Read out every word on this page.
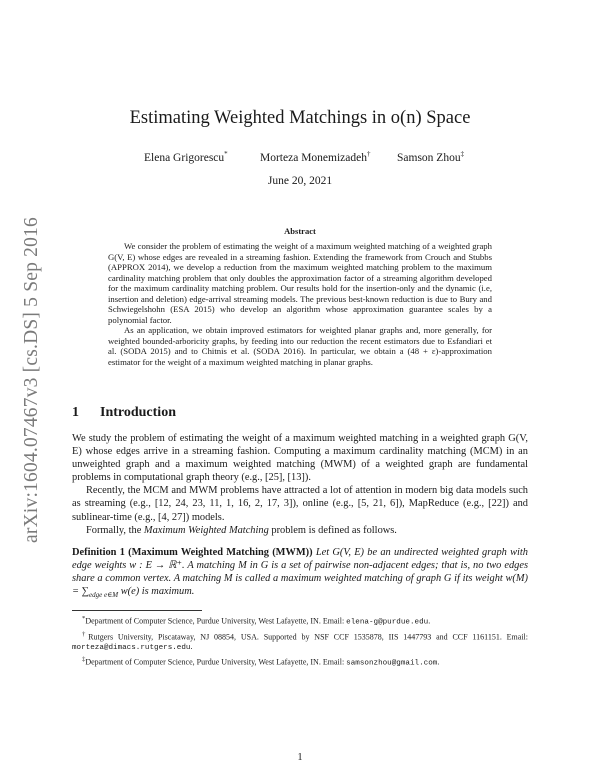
arXiv:1604.07467v3 [cs.DS] 5 Sep 2016
Estimating Weighted Matchings in o(n) Space
Elena Grigorescu*	Morteza Monemizadeh† Samson Zhou‡
June 20, 2021
Abstract

We consider the problem of estimating the weight of a maximum weighted matching of a weighted graph G(V, E) whose edges are revealed in a streaming fashion. Extending the framework from Crouch and Stubbs (APPROX 2014), we develop a reduction from the maximum weighted matching problem to the maximum cardinality matching problem that only doubles the approximation factor of a streaming algorithm developed for the maximum cardinality matching problem. Our results hold for the insertion-only and the dynamic (i.e, insertion and deletion) edge-arrival streaming models. The previous best-known reduction is due to Bury and Schwiegelshohn (ESA 2015) who develop an algorithm whose approximation guarantee scales by a polynomial factor.

As an application, we obtain improved estimators for weighted planar graphs and, more generally, for weighted bounded-arboricity graphs, by feeding into our reduction the recent estimators due to Esfandiari et al. (SODA 2015) and to Chitnis et al. (SODA 2016). In particular, we obtain a (48 + ε)-approximation estimator for the weight of a maximum weighted matching in planar graphs.

1 Introduction

We study the problem of estimating the weight of a maximum weighted matching in a weighted graph G(V, E) whose edges arrive in a streaming fashion. Computing a maximum cardinality matching (MCM) in an unweighted graph and a maximum weighted matching (MWM) of a weighted graph are fundamental problems in computational graph theory (e.g., [25], [13]).

Recently, the MCM and MWM problems have attracted a lot of attention in modern big data models such as streaming (e.g., [12, 24, 23, 11, 1, 16, 2, 17, 3]), online (e.g., [5, 21, 6]), MapReduce (e.g., [22]) and sublinear-time (e.g., [4, 27]) models.

Formally, the Maximum Weighted Matching problem is defined as follows.

Definition 1 (Maximum Weighted Matching (MWM)) Let G(V, E) be an undirected weighted graph with edge weights w : E → ℝ⁺. A matching M in G is a set of pairwise non-adjacent edges; that is, no two edges share a common vertex. A matching M is called a maximum weighted matching of graph G if its weight $w(M) = \sum_{edge e\in M}$ w(e) is maximum.

*Department of Computer Science, Purdue University, West Lafayette, IN. Email: elena-g@purdue.edu.

†Rutgers University, Piscataway, NJ 08854, USA. Supported by NSF CCF 1535878, IIS 1447793 and CCF 1161151. Email: morteza@dimacs.rutgers.edu.

‡Department of Computer Science, Purdue University, West Lafayette, IN. Email: samsonzhou@gmail.com.

1
